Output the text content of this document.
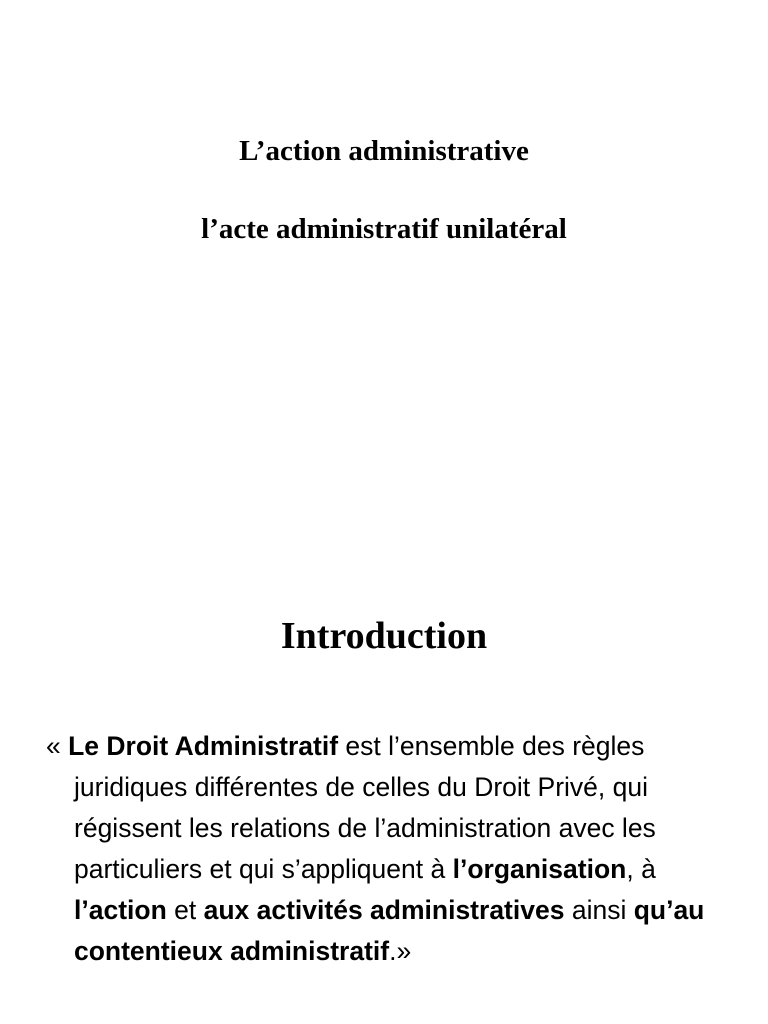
L’action administrative

l’acte administratif unilatéral

Introduction

« Le Droit Administratif est l’ensemble des règles juridiques différentes de celles du Droit Privé, qui régissent les relations de l’administration avec les particuliers et qui s’appliquent à l’organisation, à l’action et aux activités administratives ainsi qu’au contentieux administratif.»
